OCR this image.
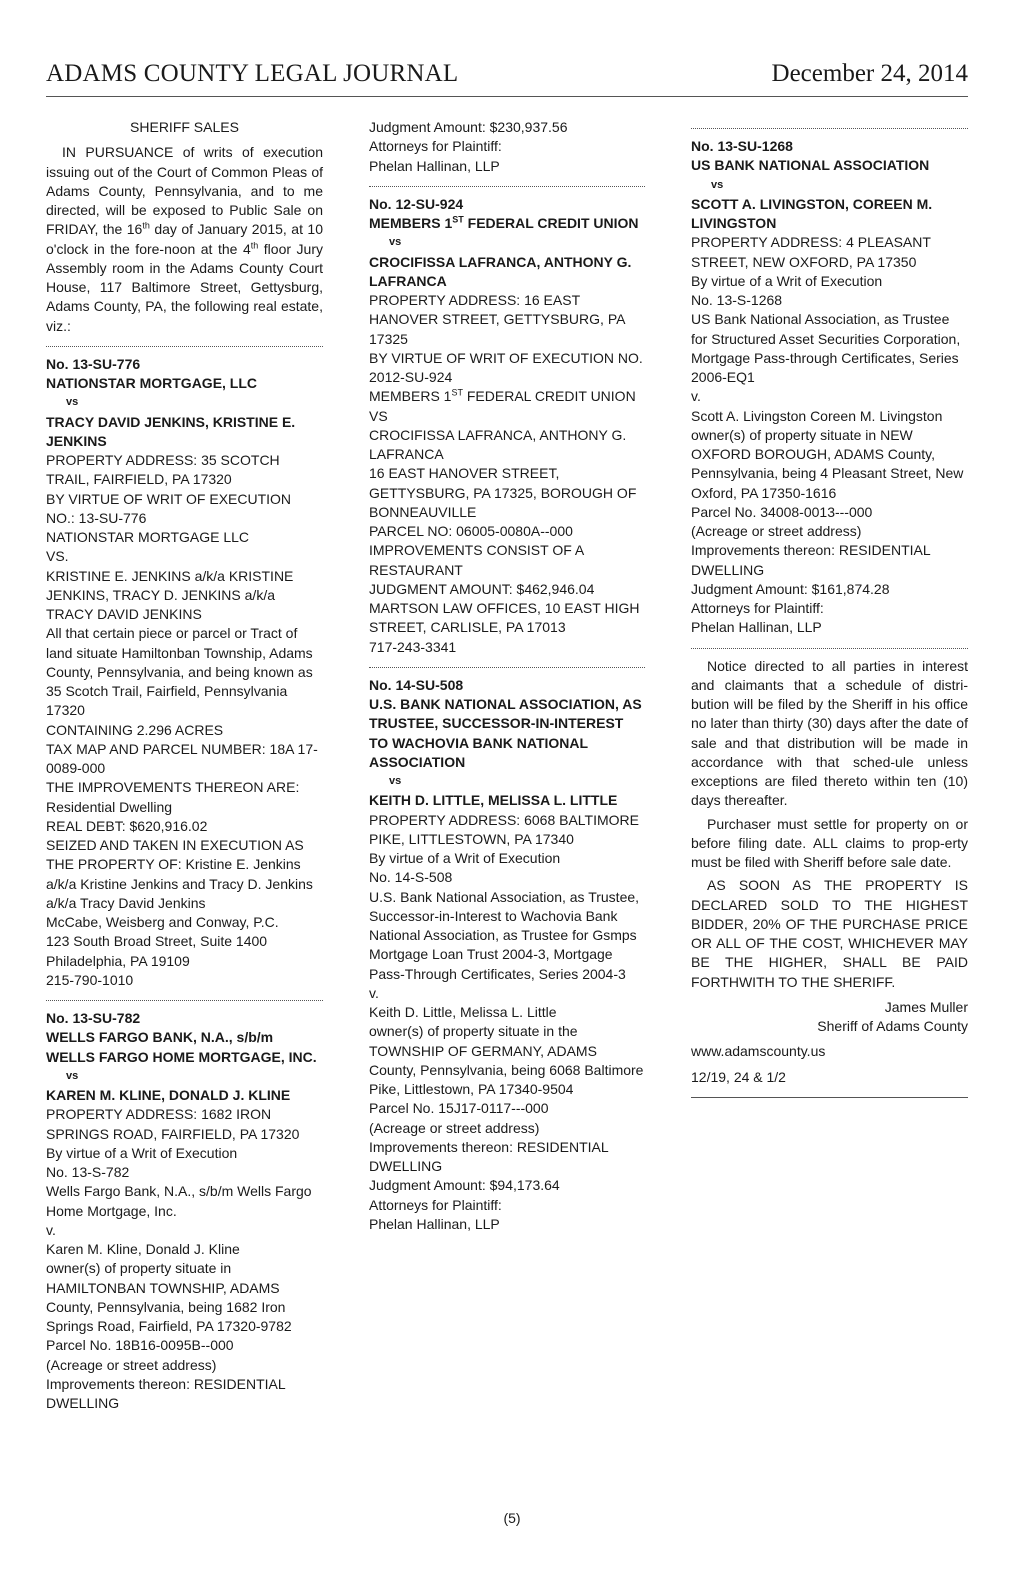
ADAMS COUNTY LEGAL JOURNAL	December 24, 2014

SHERIFF SALES

IN PURSUANCE of writs of execution issuing out of the Court of Common Pleas of Adams County, Pennsylvania, and to me directed, will be exposed to Public Sale on FRIDAY, the 16th day of January 2015, at 10 o'clock in the fore-noon at the 4th floor Jury Assembly room in the Adams County Court House, 117 Baltimore Street, Gettysburg, Adams County, PA, the following real estate, viz.:

No. 13-SU-776

NATIONSTAR MORTGAGE, LLC

vs

TRACY DAVID JENKINS, KRISTINE E. JENKINS

PROPERTY ADDRESS: 35 SCOTCH TRAIL, FAIRFIELD, PA 17320

BY VIRTUE OF WRIT OF EXECUTION NO.: 13-SU-776

NATIONSTAR MORTGAGE LLC

VS.

KRISTINE E. JENKINS a/k/a KRISTINE JENKINS, TRACY D. JENKINS a/k/a TRACY DAVID JENKINS

All that certain piece or parcel or Tract of land situate Hamiltonban Township, Adams County, Pennsylvania, and being known as 35 Scotch Trail, Fairfield, Pennsylvania 17320

CONTAINING 2.296 ACRES

TAX MAP AND PARCEL NUMBER: 18A 17-0089-000

THE IMPROVEMENTS THEREON ARE: Residential Dwelling

REAL DEBT: $620,916.02

SEIZED AND TAKEN IN EXECUTION AS THE PROPERTY OF: Kristine E. Jenkins a/k/a Kristine Jenkins and Tracy D. Jenkins a/k/a Tracy David Jenkins

McCabe, Weisberg and Conway, P.C.

123 South Broad Street, Suite 1400

Philadelphia, PA 19109

215-790-1010

No. 13-SU-782

WELLS FARGO BANK, N.A., s/b/m WELLS FARGO HOME MORTGAGE, INC.

vs

KAREN M. KLINE, DONALD J. KLINE

PROPERTY ADDRESS: 1682 IRON SPRINGS ROAD, FAIRFIELD, PA 17320

By virtue of a Writ of Execution

No. 13-S-782

Wells Fargo Bank, N.A., s/b/m Wells Fargo Home Mortgage, Inc.

v.

Karen M. Kline, Donald J. Kline

owner(s) of property situate in HAMILTONBAN TOWNSHIP, ADAMS County, Pennsylvania, being 1682 Iron Springs Road, Fairfield, PA 17320-9782

Parcel No. 18B16-0095B--000

(Acreage or street address)

Improvements thereon: RESIDENTIAL DWELLING

Judgment Amount: $230,937.56

Attorneys for Plaintiff:

Phelan Hallinan, LLP

No. 12-SU-924

MEMBERS 1ST FEDERAL CREDIT UNION

vs

CROCIFISSA LAFRANCA, ANTHONY G. LAFRANCA

PROPERTY ADDRESS: 16 EAST HANOVER STREET, GETTYSBURG, PA 17325

BY VIRTUE OF WRIT OF EXECUTION NO. 2012-SU-924

MEMBERS 1ST FEDERAL CREDIT UNION

VS

CROCIFISSA LAFRANCA, ANTHONY G. LAFRANCA

16 EAST HANOVER STREET, GETTYSBURG, PA 17325, BOROUGH OF BONNEAUVILLE

PARCEL NO: 06005-0080A--000

IMPROVEMENTS CONSIST OF A RESTAURANT

JUDGMENT AMOUNT: $462,946.04

MARTSON LAW OFFICES, 10 EAST HIGH STREET, CARLISLE, PA 17013

717-243-3341

No. 14-SU-508

U.S. BANK NATIONAL ASSOCIATION, AS TRUSTEE, SUCCESSOR-IN-INTEREST TO WACHOVIA BANK NATIONAL ASSOCIATION

vs

KEITH D. LITTLE, MELISSA L. LITTLE

PROPERTY ADDRESS: 6068 BALTIMORE PIKE, LITTLESTOWN, PA 17340

By virtue of a Writ of Execution

No. 14-S-508

U.S. Bank National Association, as Trustee, Successor-in-Interest to Wachovia Bank National Association, as Trustee for Gsmps Mortgage Loan Trust 2004-3, Mortgage Pass-Through Certificates, Series 2004-3

v.

Keith D. Little, Melissa L. Little

owner(s) of property situate in the TOWNSHIP OF GERMANY, ADAMS County, Pennsylvania, being 6068 Baltimore Pike, Littlestown, PA 17340-9504

Parcel No. 15J17-0117---000

(Acreage or street address)

Improvements thereon: RESIDENTIAL DWELLING

Judgment Amount: $94,173.64

Attorneys for Plaintiff:

Phelan Hallinan, LLP

No. 13-SU-1268

US BANK NATIONAL ASSOCIATION

vs

SCOTT A. LIVINGSTON, COREEN M. LIVINGSTON

PROPERTY ADDRESS: 4 PLEASANT STREET, NEW OXFORD, PA 17350

By virtue of a Writ of Execution

No. 13-S-1268

US Bank National Association, as Trustee for Structured Asset Securities Corporation, Mortgage Pass-through Certificates, Series 2006-EQ1

v.

Scott A. Livingston Coreen M. Livingston owner(s) of property situate in NEW OXFORD BOROUGH, ADAMS County, Pennsylvania, being 4 Pleasant Street, New Oxford, PA 17350-1616

Parcel No. 34008-0013---000

(Acreage or street address)

Improvements thereon: RESIDENTIAL DWELLING

Judgment Amount: $161,874.28

Attorneys for Plaintiff:

Phelan Hallinan, LLP

Notice directed to all parties in interest and claimants that a schedule of distri-bution will be filed by the Sheriff in his office no later than thirty (30) days after the date of sale and that distribution will be made in accordance with that sched-ule unless exceptions are filed thereto within ten (10) days thereafter.

Purchaser must settle for property on or before filing date. ALL claims to prop-erty must be filed with Sheriff before sale date.

AS SOON AS THE PROPERTY IS DECLARED SOLD TO THE HIGHEST BIDDER, 20% OF THE PURCHASE PRICE OR ALL OF THE COST, WHICHEVER MAY BE THE HIGHER, SHALL BE PAID FORTHWITH TO THE SHERIFF.

James Muller

Sheriff of Adams County

www.adamscounty.us

12/19, 24 & 1/2

(5)
